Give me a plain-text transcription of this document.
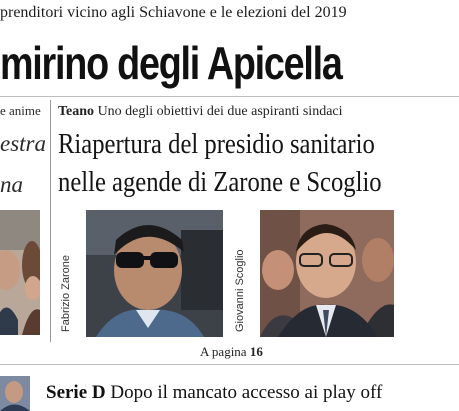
prenditori vicino agli Schiavone e le elezioni del 2019
mirino degli Apicella
e anime
estra
na
Teano Uno degli obiettivi dei due aspiranti sindaci
Riapertura del presidio sanitario
nelle agende di Zarone e Scoglio
Fabrizio Zarone	Giovanni Scoglio
A pagina 16
Serie D Dopo il mancato accesso ai play off
